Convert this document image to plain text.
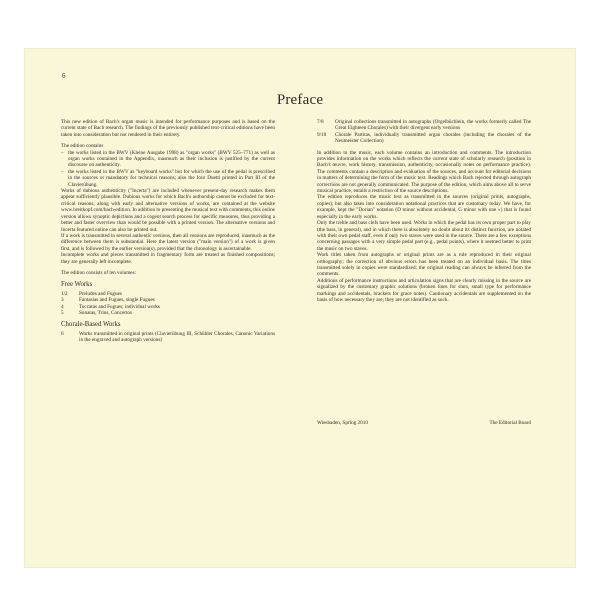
6
Preface

This new edition of Bach's organ music is intended for performance purposes and is based on the current state of Bach research. The findings of the previously published text-critical editions have been taken into consideration but not rendered in their entirety.

The edition contains

– the works listed in the BWV (Kleine Ausgabe 1998) as "organ works" (BWV 525–771) as well as organ works contained in the Appendix, inasmuch as their inclusion is justified by the current discourse on authenticity.
– the works listed in the BWV as "keyboard works" but for which the use of the pedal is prescribed in the sources or mandatory for technical reasons; also the four Duetti printed in Part III of the Clavierübung.

Works of dubious authenticity ("Incerta") are included whenever present-day research makes them appear sufficiently plausible. Dubious works for which Bach's authorship cannot be excluded for text-critical reasons, along with early and alternative versions of works, are contained at the website www.breitkopf.com/bach-edition. In addition to presenting the musical text with comments, this online version allows synoptic depictions and a cogent search process for specific measures, thus providing a better and faster overview than would be possible with a printed version. The alternative versions and Incerta featured online can also be printed out.

If a work is transmitted in several authentic versions, then all versions are reproduced, inasmuch as the difference between them is substantial. Here the latest version ("main version") of a work is given first, and is followed by the earlier version(s), provided that the chronology is ascertainable.

Incomplete works and pieces transmitted in fragmentary form are treated as finished compositions; they are generally left incomplete.

The edition consists of ten volumes:

Free Works
1/2	Preludes and Fugues
3	Fantasias and Fugues, single Fugues
4	Toccatas and Fugues; individual works
5	Sonatas, Trios, Concertos
Chorale-Based Works
6	Works transmitted in original prints (Clavierübung III, Schübler Chorales, Canonic Variations in the engraved and autograph versions)
7/8	Original collections transmitted in autographs (Orgelbüchlein, the works formerly called The Great Eighteen Chorales) with their divergent early versions
9/10	Chorale Partitas, individually transmitted organ chorales (including the chorales of the Neumeister Collection)

In addition to the music, each volume contains an introduction and comments. The introduction provides information on the works which reflects the current state of scholarly research (position in Bach's œuvre, work history, transmission, authenticity, occasionally notes on performance practice). The comments contain a description and evaluation of the sources, and account for editorial decisions in matters of determining the form of the music text. Readings which Bach rejected through autograph corrections are not generally communicated. The purpose of the edition, which aims above all to serve musical practice, entails a restriction of the source descriptions.

The edition reproduces the music text as transmitted in the sources (original prints, autographs, copies), but also takes into consideration notational practices that are customary today. We have, for example, kept the "Dorian" notation (D minor without accidental, G minor with one ♭) that is found especially in the early works.

Only the treble and bass clefs have been used. Works in which the pedal has its own proper part to play (the bass, in general), and in which there is absolutely no doubt about its distinct function, are notated with their own pedal staff, even if only two staves were used in the source. There are a few exceptions concerning passages with a very simple pedal part (e.g., pedal points), where it seemed better to print the music on two staves.

Work titles taken from autographs or original prints are as a rule reproduced in their original orthography; the correction of obvious errors has been treated on an individual basis. The titles transmitted solely in copies were standardized; the original reading can always be inferred from the comments.

Additions of performance instructions and articulation signs that are clearly missing in the source are signalized by the customary graphic solutions (broken lines for slurs, small type for performance markings and accidentals, brackets for grace notes). Cautionary accidentals are supplemented on the basis of how necessary they are; they are not identified as such.

Wiesbaden, Spring 2010	The Editorial Board
